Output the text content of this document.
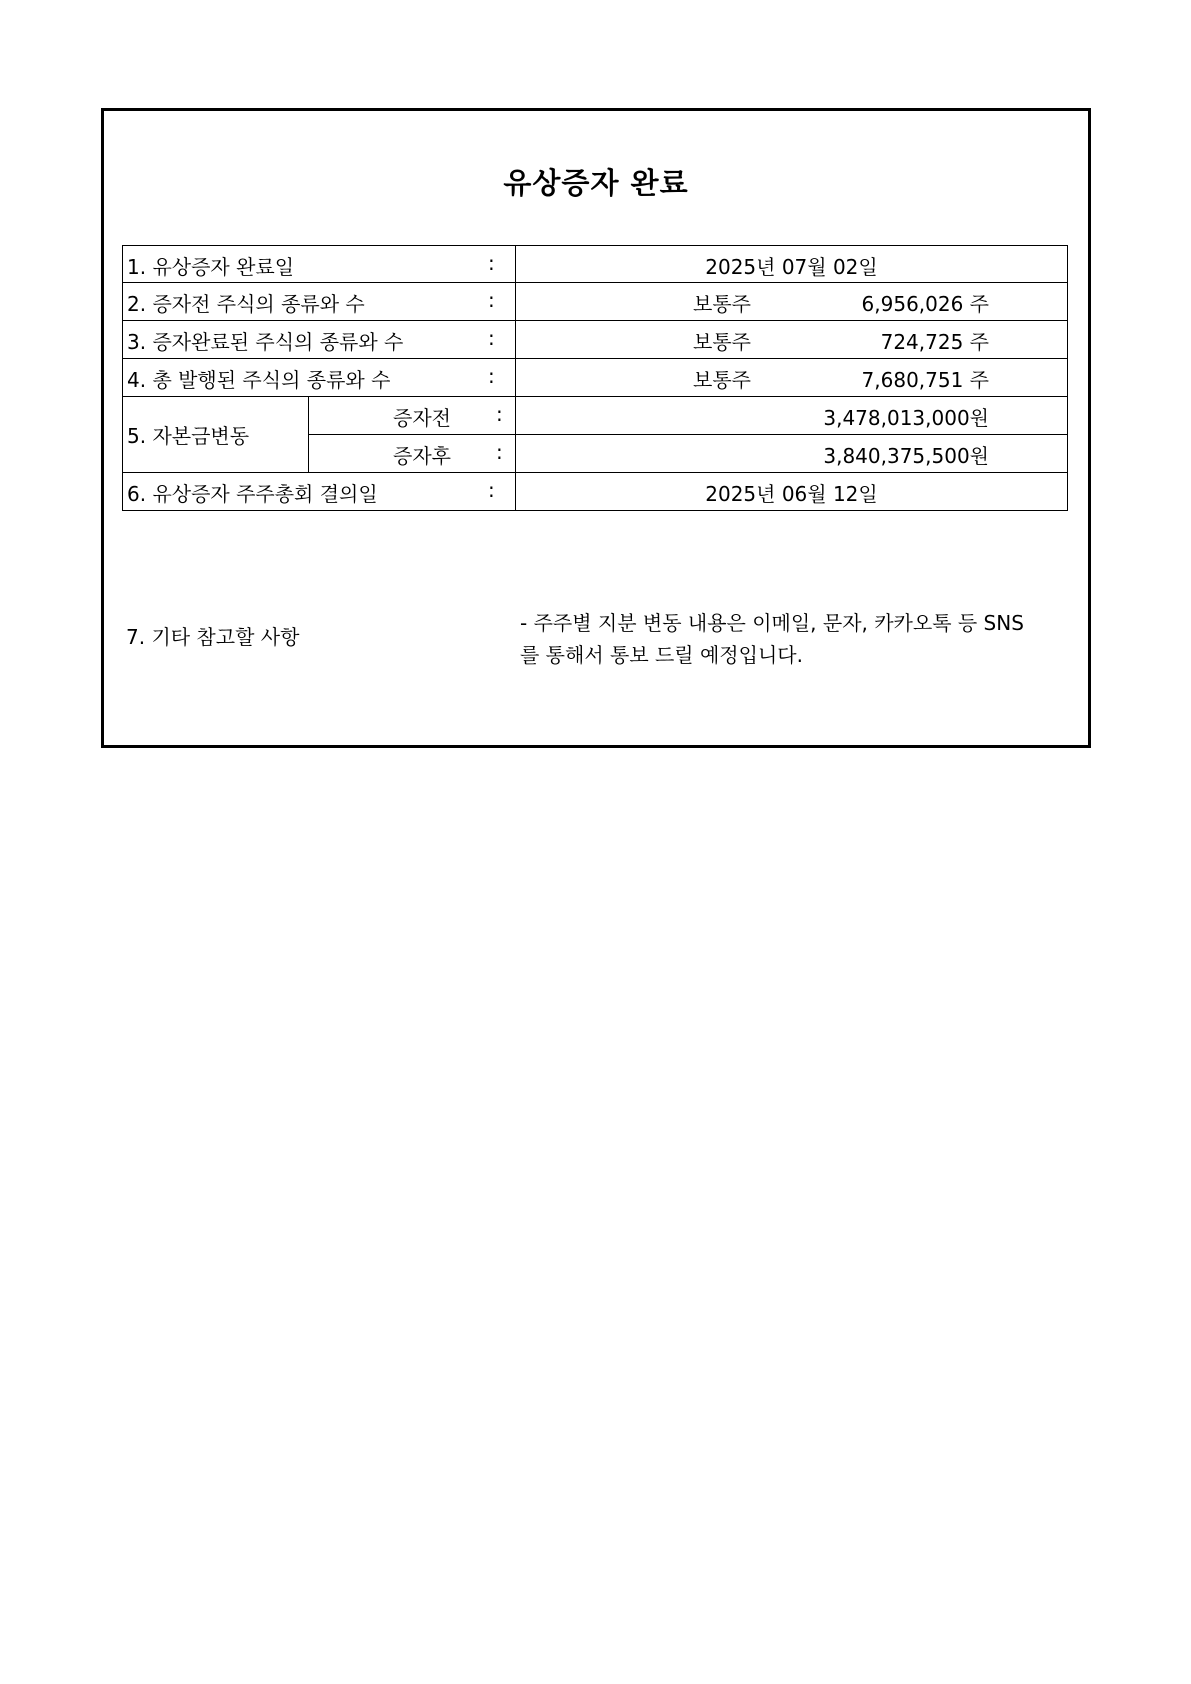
유상증자 완료
1. 유상증자 완료일	:	2025년 07월 02일
2. 증자전 주식의 종류와 수	:	보통주	6,956,026 주
3. 증자완료된 주식의 종류와 수	:	보통주	724,725 주
4. 총 발행된 주식의 종류와 수	:	보통주	7,680,751 주
5. 자본금변동
증자전 :	3,478,013,000원
증자후 :	3,840,375,500원
6. 유상증자 주주총회 결의일	:	2025년 06월 12일
7. 기타 참고할 사항
- 주주별 지분 변동 내용은 이메일, 문자, 카카오톡 등 SNS
를 통해서 통보 드릴 예정입니다.
